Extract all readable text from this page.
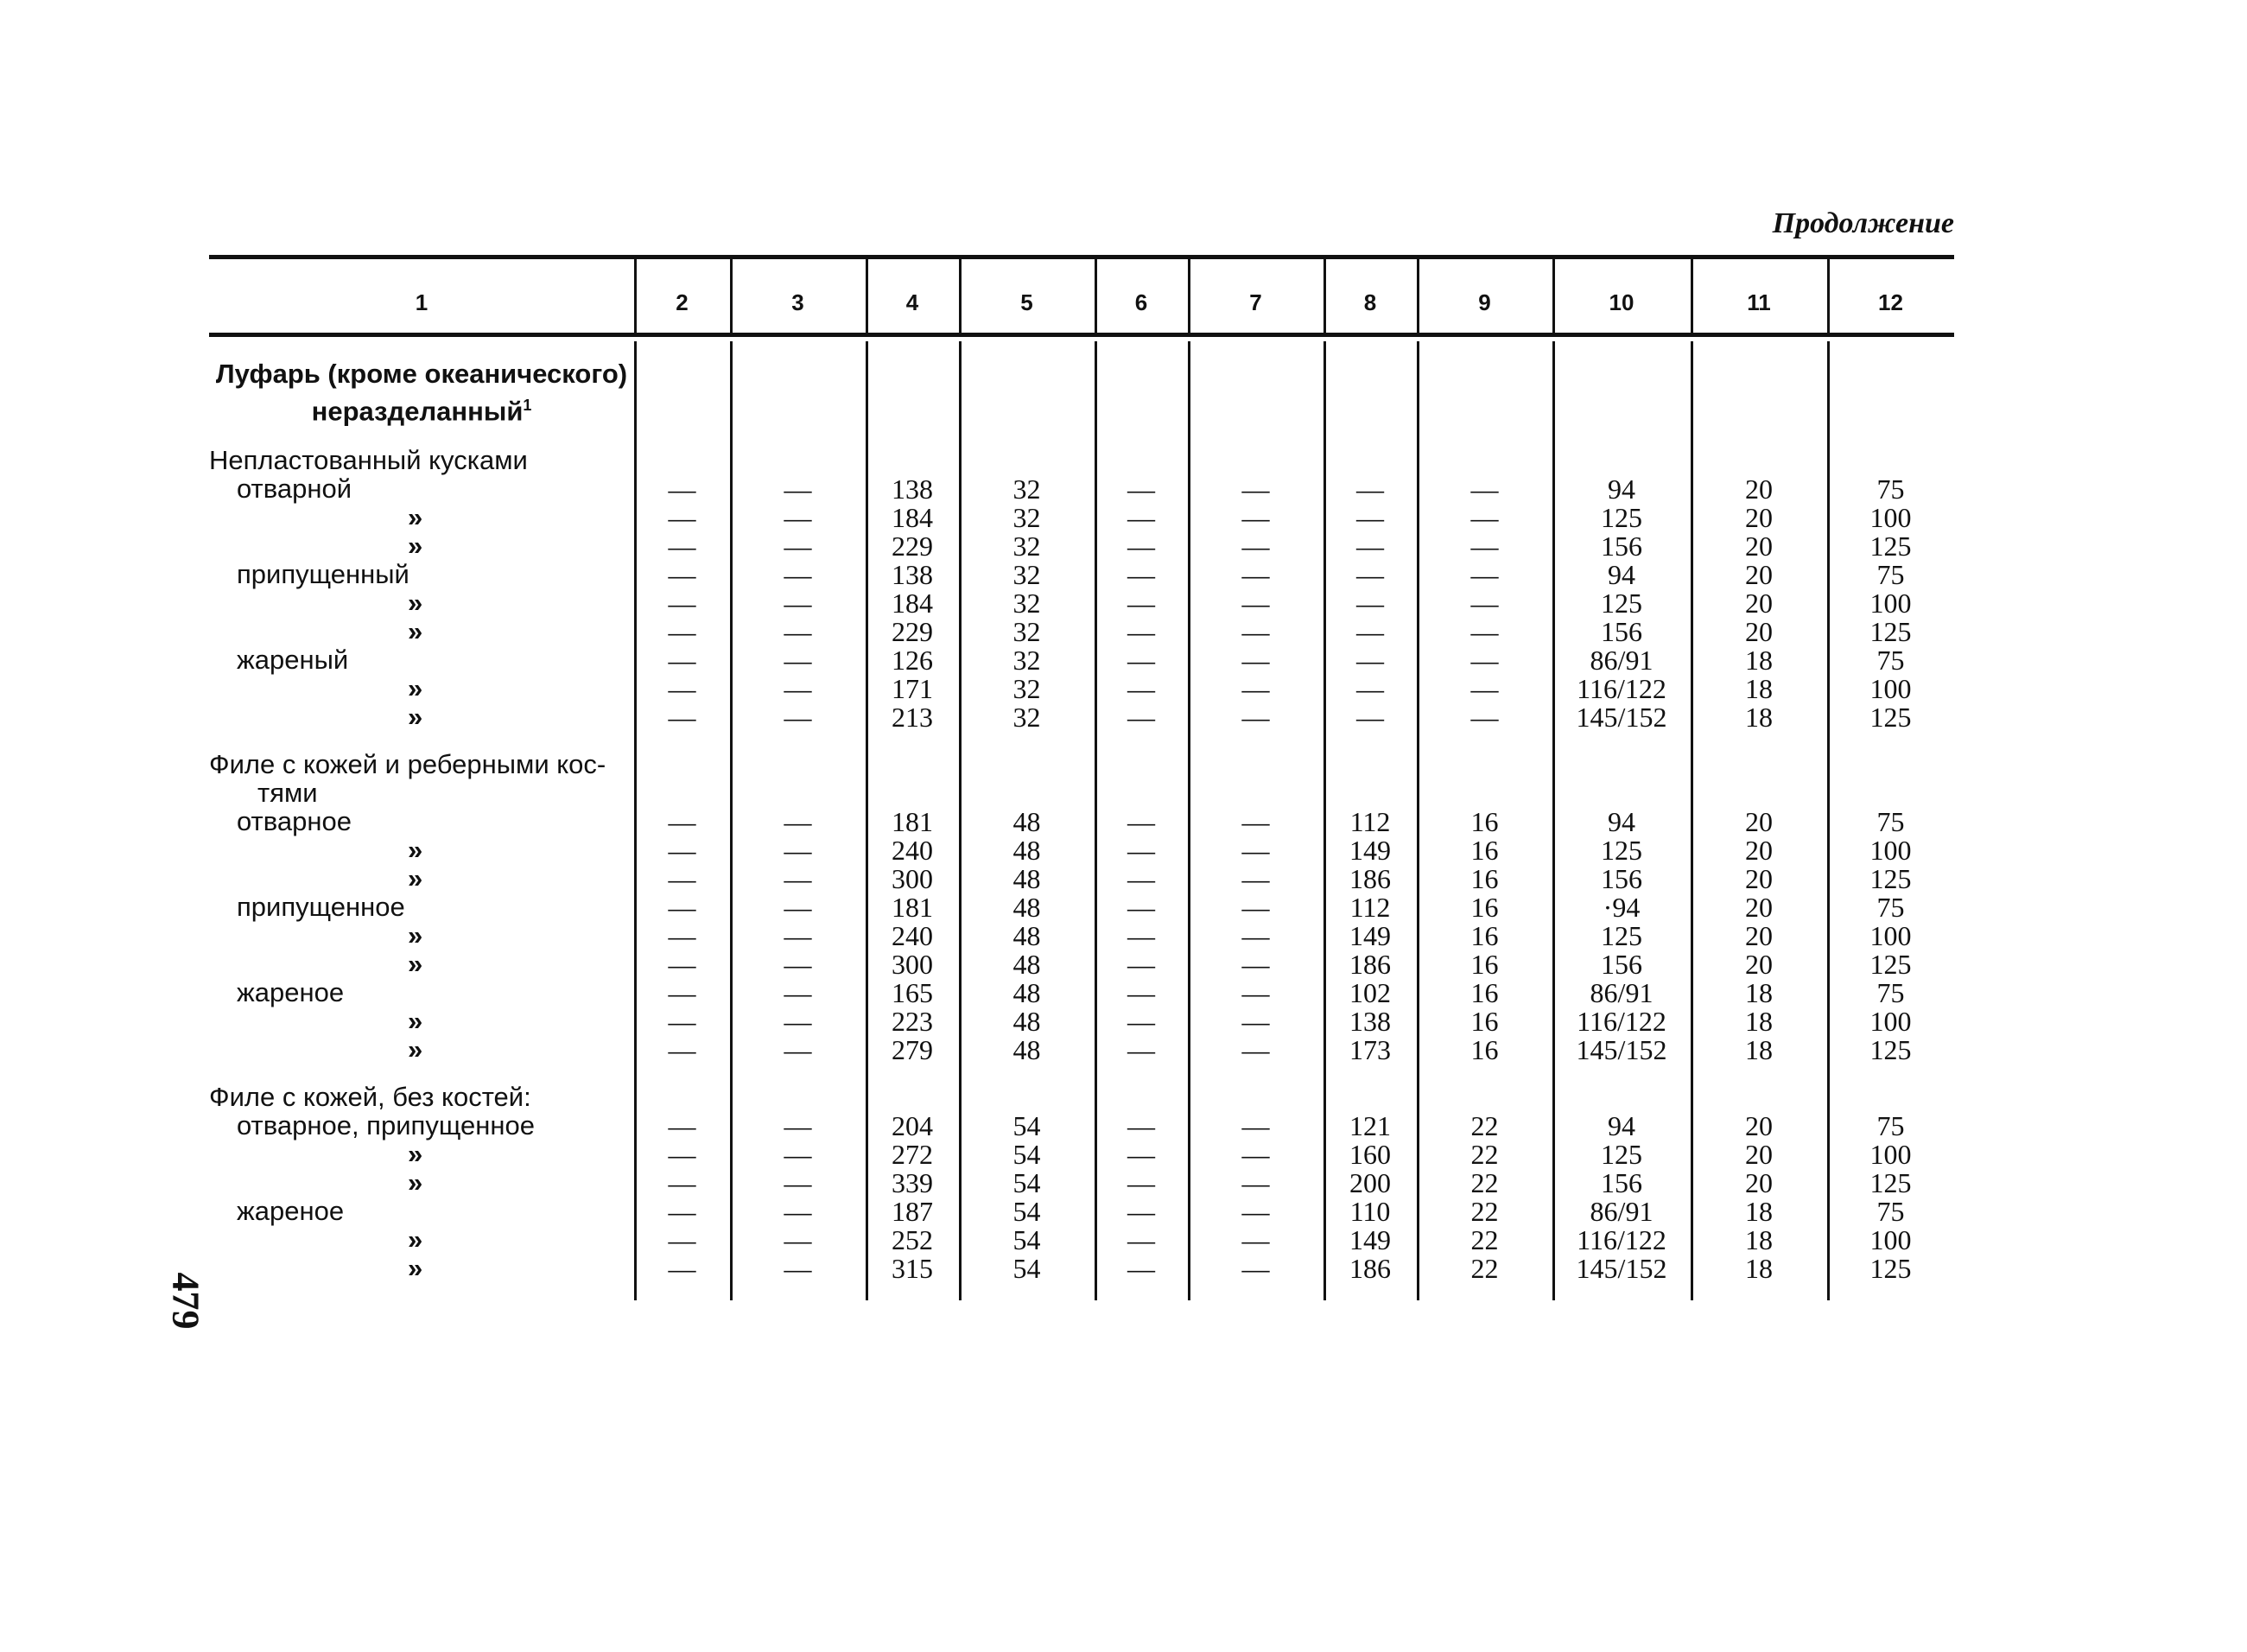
Продолжение
479
1	2	3	4	5	6	7	8	9	10	11	12
Луфарь (кроме океанического) неразделанный$^1$
Непластованный кусками
отварной	—	—	138	32	—	—	—	—	94	20	75
»	—	—	184	32	—	—	—	—	125	20	100
»	—	—	229	32	—	—	—	—	156	20	125
припущенный	—	—	138	32	—	—	—	—	94	20	75
»	—	—	184	32	—	—	—	—	125	20	100
»	—	—	229	32	—	—	—	—	156	20	125
жареный	—	—	126	32	—	—	—	—	86/91	18	75
»	—	—	171	32	—	—	—	—	116/122	18	100
»	—	—	213	32	—	—	—	—	145/152	18	125
Филе с кожей и реберными кос-
тями
отварное	—	—	181	48	—	—	112	16	94	20	75
»	—	—	240	48	—	—	149	16	125	20	100
»	—	—	300	48	—	—	186	16	156	20	125
припущенное	—	—	181	48	—	—	112	16	·94	20	75
»	—	—	240	48	—	—	149	16	125	20	100
»	—	—	300	48	—	—	186	16	156	20	125
жареное	—	—	165	48	—	—	102	16	86/91	18	75
»	—	—	223	48	—	—	138	16	116/122	18	100
»	—	—	279	48	—	—	173	16	145/152	18	125
Филе с кожей, без костей:
отварное, припущенное	—	—	204	54	—	—	121	22	94	20	75
»	—	—	272	54	—	—	160	22	125	20	100
»	—	—	339	54	—	—	200	22	156	20	125
жареное	—	—	187	54	—	—	110	22	86/91	18	75
»	—	—	252	54	—	—	149	22	116/122	18	100
»	—	—	315	54	—	—	186	22	145/152	18	125
